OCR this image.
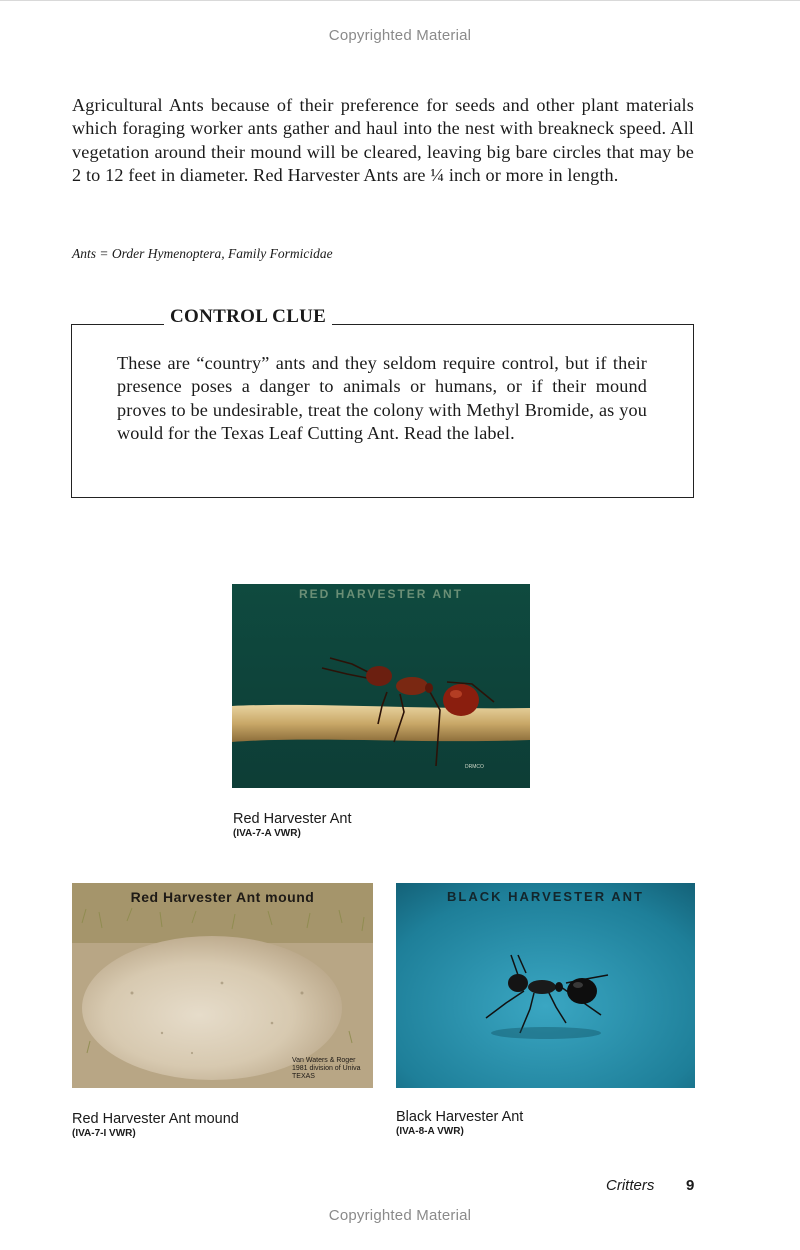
Copyrighted Material

Agricultural Ants because of their preference for seeds and other plant materials which foraging worker ants gather and haul into the nest with breakneck speed. All vegetation around their mound will be cleared, leaving big bare circles that may be 2 to 12 feet in diameter. Red Harvester Ants are ¼ inch or more in length.

Ants = Order Hymenoptera, Family Formicidae

CONTROL CLUE

These are “country” ants and they seldom require control, but if their presence poses a danger to animals or humans, or if their mound proves to be undesirable, treat the colony with Methyl Bromide, as you would for the Texas Leaf Cutting Ant. Read the label.

DRMCO
RED HARVESTER ANT
Red Harvester Ant
(IVA-7-A VWR)
Red Harvester Ant mound
Van Waters & Roger
1981 division of Univa
TEXAS
Red Harvester Ant mound
(IVA-7-I VWR)
BLACK HARVESTER ANT
Black Harvester Ant
(IVA-8-A VWR)
Critters 9
Copyrighted Material
